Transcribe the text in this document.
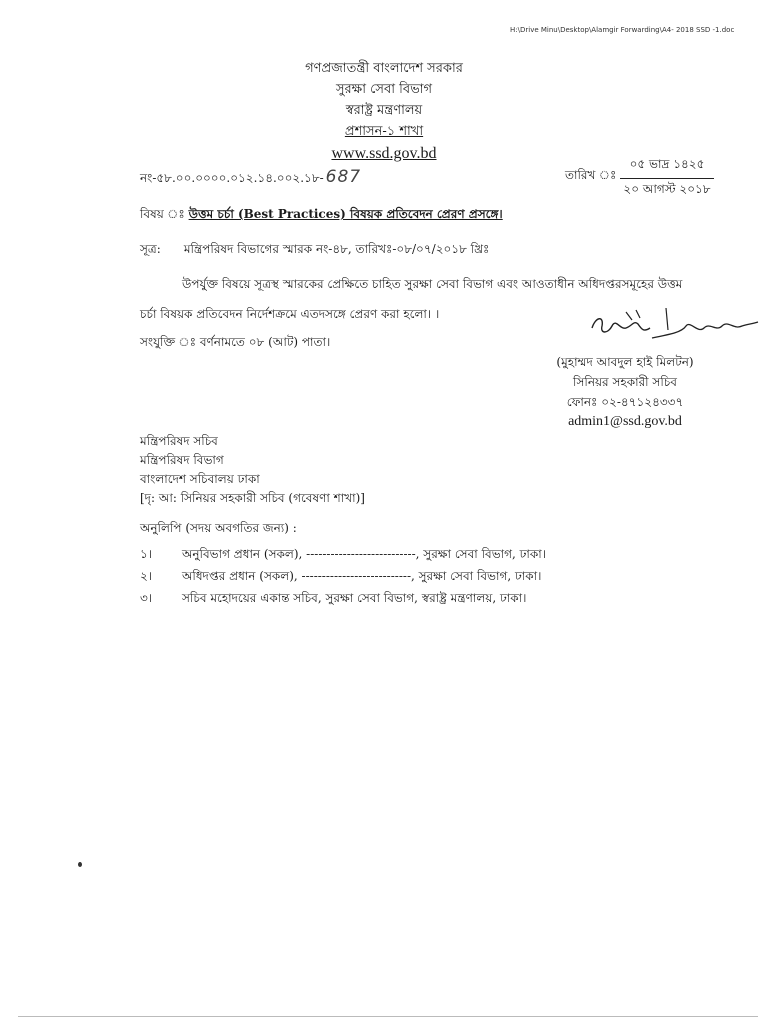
H:\Drive Minu\Desktop\Alamgir Forwarding\A4- 2018 SSD -1.doc
গণপ্রজাতন্ত্রী বাংলাদেশ সরকার
সুরক্ষা সেবা বিভাগ
স্বরাষ্ট্র মন্ত্রণালয়
প্রশাসন-১ শাখা
www.ssd.gov.bd
নং-৫৮.০০.০০০০.০১২.১৪.০০২.১৮- 687	তারিখ ঃ
০৫ ভাদ্র ১৪২৫
২০ আগস্ট ২০১৮
বিষয় ঃ উত্তম চর্চা (Best Practices) বিষয়ক প্রতিবেদন প্রেরণ প্রসঙ্গে।
সূত্র: মন্ত্রিপরিষদ বিভাগের স্মারক নং-৪৮, তারিখঃ-০৮/০৭/২০১৮ খ্রিঃ
উপর্যুক্ত বিষয়ে সূত্রস্থ স্মারকের প্রেক্ষিতে চাহিত সুরক্ষা সেবা বিভাগ এবং আওতাধীন অধিদপ্তরসমূহের উত্তম
চর্চা বিষয়ক প্রতিবেদন নির্দেশক্রমে এতদসঙ্গে প্রেরণ করা হলো। ।
সংযুক্তি ঃ বর্ণনামতে ০৮ (আট) পাতা।
(মুহাম্মদ আবদুল হাই মিলটন)
সিনিয়র সহকারী সচিব
ফোনঃ ০২-৪৭১২৪৩৩৭
admin1@ssd.gov.bd
মন্ত্রিপরিষদ সচিব
মন্ত্রিপরিষদ বিভাগ
বাংলাদেশ সচিবালয় ঢাকা
[দৃ: আ: সিনিয়র সহকারী সচিব (গবেষণা শাখা)]
অনুলিপি (সদয় অবগতির জন্য) :
১। অনুবিভাগ প্রধান (সকল), ---------------------------, সুরক্ষা সেবা বিভাগ, ঢাকা।
২। অধিদপ্তর প্রধান (সকল), ---------------------------, সুরক্ষা সেবা বিভাগ, ঢাকা।
৩। সচিব মহোদয়ের একান্ত সচিব, সুরক্ষা সেবা বিভাগ, স্বরাষ্ট্র মন্ত্রণালয়, ঢাকা।
